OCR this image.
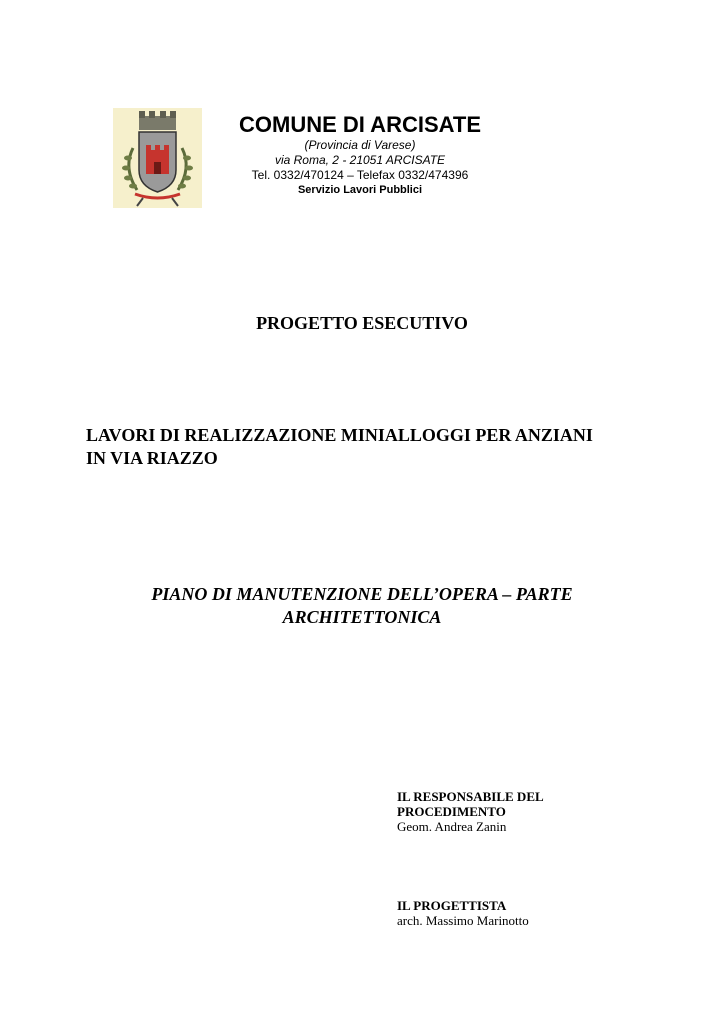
COMUNE DI ARCISATE
(Provincia di Varese)
via Roma, 2 - 21051 ARCISATE
Tel. 0332/470124 – Telefax 0332/474396
Servizio Lavori Pubblici
PROGETTO ESECUTIVO
LAVORI DI REALIZZAZIONE MINIALLOGGI PER ANZIANI
IN VIA RIAZZO
PIANO DI MANUTENZIONE DELL’OPERA – PARTE
ARCHITETTONICA
IL RESPONSABILE DEL
PROCEDIMENTO
Geom. Andrea Zanin
IL PROGETTISTA
arch. Massimo Marinotto
